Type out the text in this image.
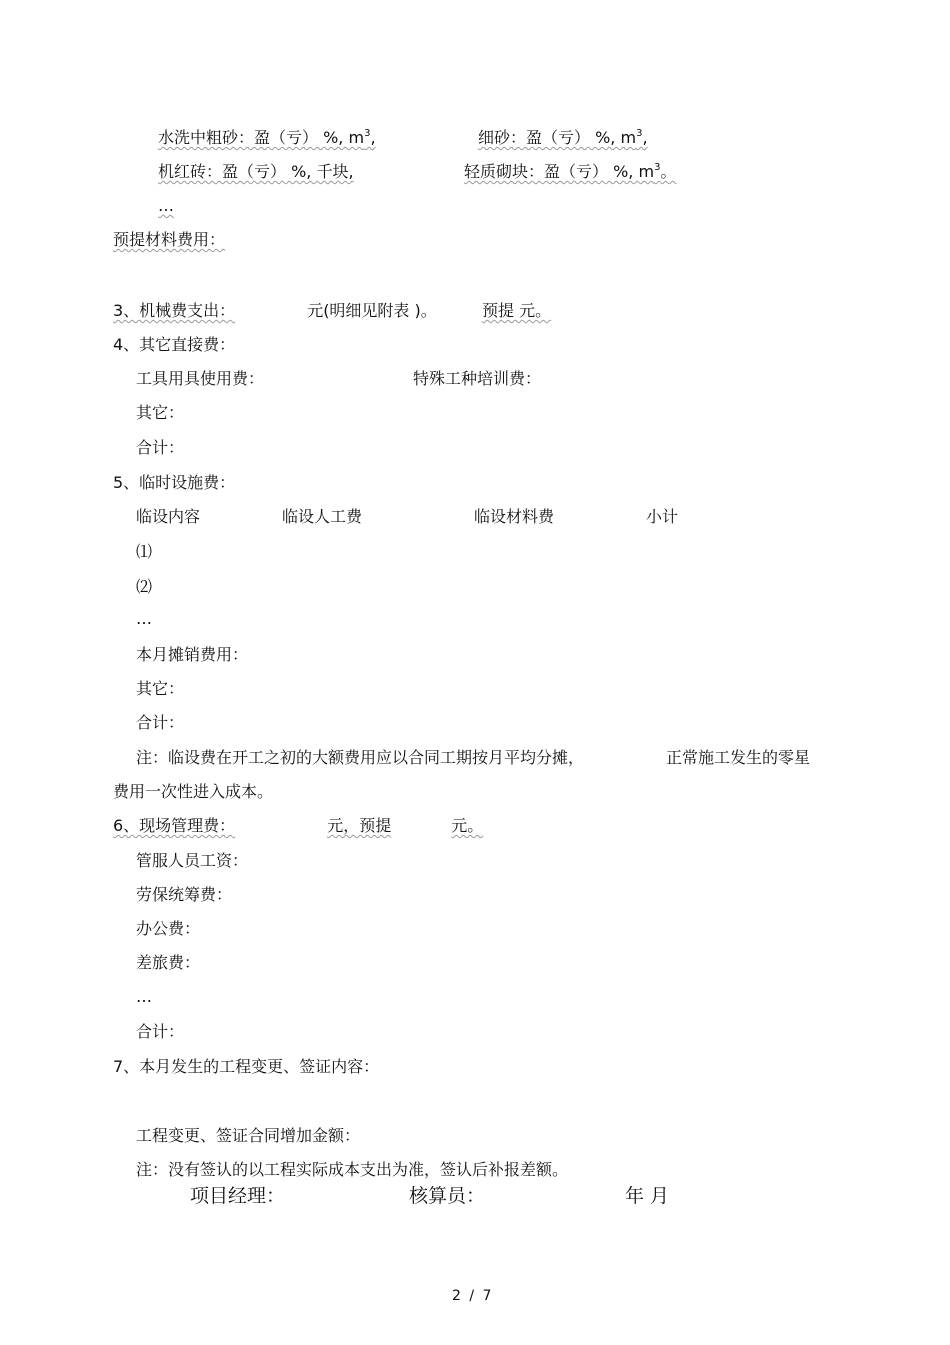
水洗中粗砂：盈（亏） %, $m^3$,	细砂：盈（亏） %, $m^3$,
机红砖：盈（亏） %, 千块,	轻质砌块：盈（亏） %, $m^3$。
…
预提材料费用：
3、机械费支出：	元(明细见附表 )。	预提 元。
4、其它直接费：
工具用具使用费：	特殊工种培训费：
其它：
合计：
5、临时设施费：
临设内容	临设人工费	临设材料费	小计
⑴
⑵
…
本月摊销费用：
其它：
合计：
注：临设费在开工之初的大额费用应以合同工期按月平均分摊，	正常施工发生的零星
费用一次性进入成本。
6、现场管理费：	元，预提	元。
管服人员工资：
劳保统筹费：
办公费：
差旅费：
…
合计：
7、本月发生的工程变更、签证内容：
工程变更、签证合同增加金额：
注：没有签认的以工程实际成本支出为准，签认后补报差额。
项目经理：	核算员：	年 月
2 / 7
